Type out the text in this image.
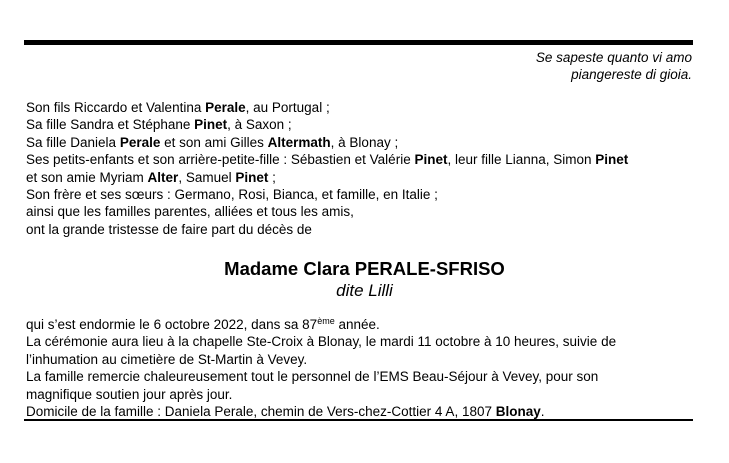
Se sapeste quanto vi amo
piangereste di gioia.
Son fils Riccardo et Valentina Perale, au Portugal ;
Sa fille Sandra et Stéphane Pinet, à Saxon ;
Sa fille Daniela Perale et son ami Gilles Altermath, à Blonay ;
Ses petits-enfants et son arrière-petite-fille : Sébastien et Valérie Pinet, leur fille Lianna, Simon Pinet
et son amie Myriam Alter, Samuel Pinet ;
Son frère et ses sœurs : Germano, Rosi, Bianca, et famille, en Italie ;
ainsi que les familles parentes, alliées et tous les amis,
ont la grande tristesse de faire part du décès de
Madame Clara PERALE-SFRISO
dite Lilli
qui s’est endormie le 6 octobre 2022, dans sa 87ème année.
La cérémonie aura lieu à la chapelle Ste-Croix à Blonay, le mardi 11 octobre à 10 heures, suivie de
l’inhumation au cimetière de St-Martin à Vevey.
La famille remercie chaleureusement tout le personnel de l’EMS Beau-Séjour à Vevey, pour son
magnifique soutien jour après jour.
Domicile de la famille : Daniela Perale, chemin de Vers-chez-Cottier 4 A, 1807 Blonay.
